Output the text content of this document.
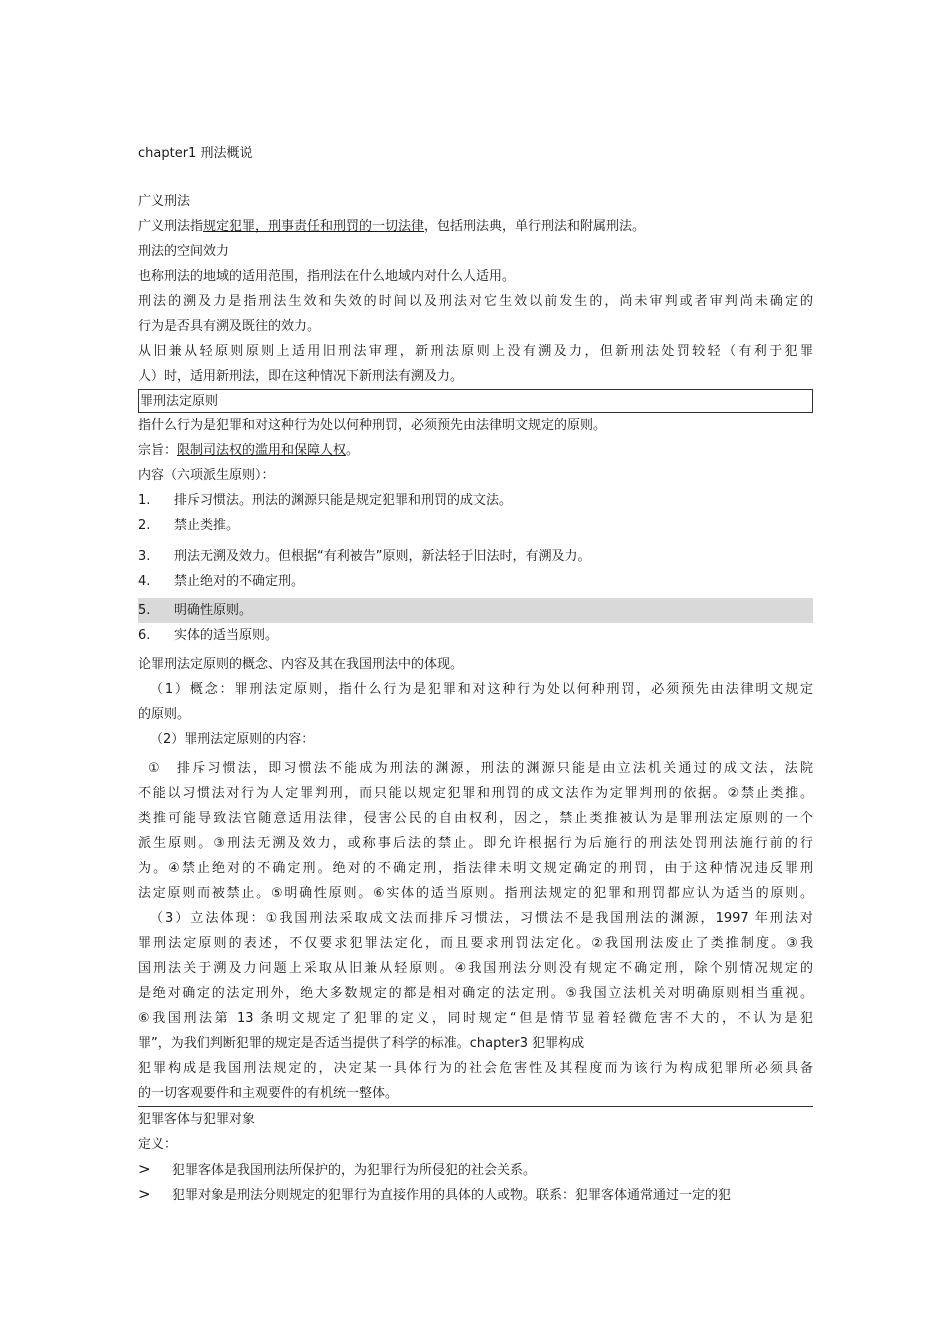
chapter1 刑法概说
广义刑法
广义刑法指规定犯罪，刑事责任和刑罚的一切法律，包括刑法典，单行刑法和附属刑法。
刑法的空间效力
也称刑法的地域的适用范围，指刑法在什么地域内对什么人适用。
刑法的溯及力是指刑法生效和失效的时间以及刑法对它生效以前发生的，尚未审判或者审判尚未确定的
行为是否具有溯及既往的效力。
从旧兼从轻原则原则上适用旧刑法审理，新刑法原则上没有溯及力，但新刑法处罚较轻（有利于犯罪
人）时，适用新刑法，即在这种情况下新刑法有溯及力。
罪刑法定原则
指什么行为是犯罪和对这种行为处以何种刑罚，必须预先由法律明文规定的原则。
宗旨：限制司法权的滥用和保障人权。
内容（六项派生原则）：
1. 排斥习惯法。刑法的渊源只能是规定犯罪和刑罚的成文法。
2. 禁止类推。
3. 刑法无溯及效力。但根据“有利被告”原则，新法轻于旧法时，有溯及力。
4. 禁止绝对的不确定刑。
5. 明确性原则。
6. 实体的适当原则。
论罪刑法定原则的概念、内容及其在我国刑法中的体现。
（1）概念：罪刑法定原则，指什么行为是犯罪和对这种行为处以何种刑罚，必须预先由法律明文规定
的原则。
（2）罪刑法定原则的内容：
①　排斥习惯法，即习惯法不能成为刑法的渊源，刑法的渊源只能是由立法机关通过的成文法，法院
不能以习惯法对行为人定罪判刑，而只能以规定犯罪和刑罚的成文法作为定罪判刑的依据。②禁止类推。
类推可能导致法官随意适用法律，侵害公民的自由权利，因之，禁止类推被认为是罪刑法定原则的一个
派生原则。③刑法无溯及效力，或称事后法的禁止。即允许根据行为后施行的刑法处罚刑法施行前的行
为。④禁止绝对的不确定刑。绝对的不确定刑，指法律未明文规定确定的刑罚，由于这种情况违反罪刑
法定原则而被禁止。⑤明确性原则。⑥实体的适当原则。指刑法规定的犯罪和刑罚都应认为适当的原则。
（3）立法体现：①我国刑法采取成文法而排斥习惯法，习惯法不是我国刑法的渊源，1997 年刑法对
罪刑法定原则的表述，不仅要求犯罪法定化，而且要求刑罚法定化。②我国刑法废止了类推制度。③我
国刑法关于溯及力问题上采取从旧兼从轻原则。④我国刑法分则没有规定不确定刑，除个别情况规定的
是绝对确定的法定刑外，绝大多数规定的都是相对确定的法定刑。⑤我国立法机关对明确原则相当重视。
⑥我国刑法第 13 条明文规定了犯罪的定义，同时规定“但是情节显着轻微危害不大的，不认为是犯
罪”，为我们判断犯罪的规定是否适当提供了科学的标准。chapter3 犯罪构成
犯罪构成是我国刑法规定的，决定某一具体行为的社会危害性及其程度而为该行为构成犯罪所必须具备
的一切客观要件和主观要件的有机统一整体。
犯罪客体与犯罪对象
定义：
> 犯罪客体是我国刑法所保护的，为犯罪行为所侵犯的社会关系。
> 犯罪对象是刑法分则规定的犯罪行为直接作用的具体的人或物。联系：犯罪客体通常通过一定的犯
